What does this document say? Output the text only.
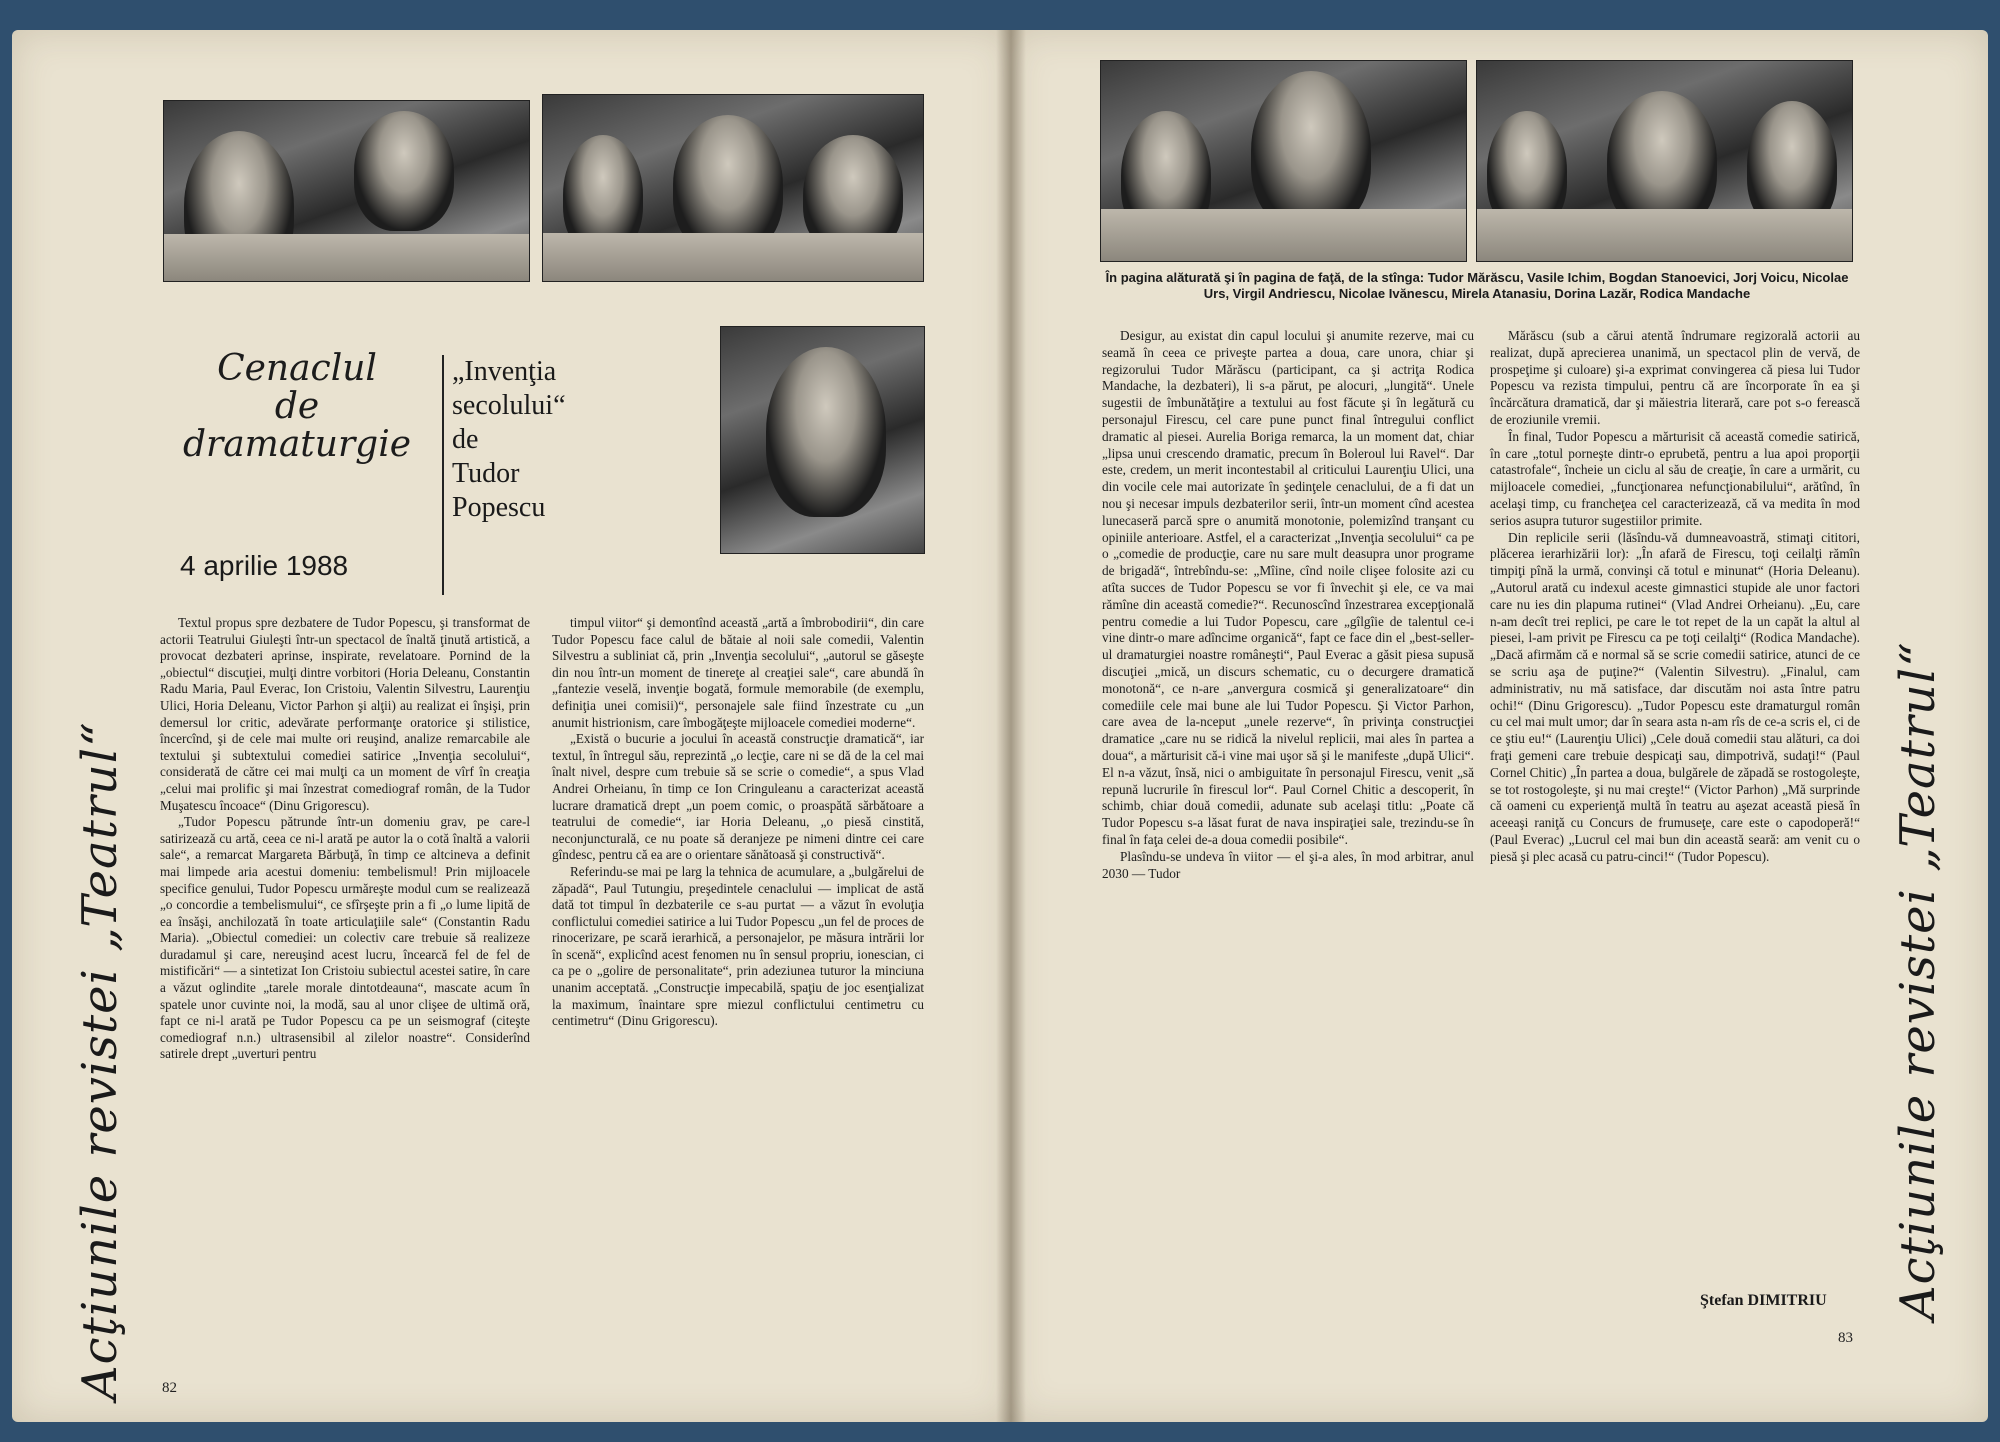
Cenaclul
de
dramaturgie
4 aprilie 1988
„Invenţia
secolului“
de
Tudor
Popescu

Textul propus spre dezbatere de Tudor Popescu, şi transformat de actorii Teatrului Giuleşti într-un spectacol de înaltă ţinută artistică, a provocat dezbateri aprinse, inspirate, revelatoare. Pornind de la „obiectul“ discuţiei, mulţi dintre vorbitori (Horia Deleanu, Constantin Radu Maria, Paul Everac, Ion Cristoiu, Valentin Silvestru, Laurenţiu Ulici, Horia Deleanu, Victor Parhon şi alţii) au realizat ei înşişi, prin demersul lor critic, adevărate performanţe oratorice şi stilistice, încercînd, şi de cele mai multe ori reuşind, analize remarcabile ale textului şi subtextului comediei satirice „Invenţia secolului“, considerată de către cei mai mulţi ca un moment de vîrf în creaţia „celui mai prolific şi mai înzestrat comediograf român, de la Tudor Muşatescu încoace“ (Dinu Grigorescu).

„Tudor Popescu pătrunde într-un domeniu grav, pe care-l satirizează cu artă, ceea ce ni-l arată pe autor la o cotă înaltă a valorii sale“, a remarcat Margareta Bărbuţă, în timp ce altcineva a definit mai limpede aria acestui domeniu: tembelismul! Prin mijloacele specifice genului, Tudor Popescu urmăreşte modul cum se realizează „o concordie a tembelismului“, ce sfîrşeşte prin a fi „o lume lipită de ea însăşi, anchilozată în toate articulaţiile sale“ (Constantin Radu Maria). „Obiectul comediei: un colectiv care trebuie să realizeze duradamul şi care, nereuşind acest lucru, încearcă fel de fel de mistificări“ — a sintetizat Ion Cristoiu subiectul acestei satire, în care a văzut oglindite „tarele morale dintotdeauna“, mascate acum în spatele unor cuvinte noi, la modă, sau al unor clişee de ultimă oră, fapt ce ni-l arată pe Tudor Popescu ca pe un seismograf (citeşte comediograf n.n.) ultrasensibil al zilelor noastre“. Considerînd satirele drept „uverturi pentru

timpul viitor“ şi demontînd această „artă a îmbrobodirii“, din care Tudor Popescu face calul de bătaie al noii sale comedii, Valentin Silvestru a subliniat că, prin „Invenţia secolului“, „autorul se găseşte din nou într-un moment de tinereţe al creaţiei sale“, care abundă în „fantezie veselă, invenţie bogată, formule memorabile (de exemplu, definiţia unei comisii)“, personajele sale fiind înzestrate cu „un anumit histrionism, care îmbogăţeşte mijloacele comediei moderne“.

„Există o bucurie a jocului în această construcţie dramatică“, iar textul, în întregul său, reprezintă „o lecţie, care ni se dă de la cel mai înalt nivel, despre cum trebuie să se scrie o comedie“, a spus Vlad Andrei Orheianu, în timp ce Ion Cringuleanu a caracterizat această lucrare dramatică drept „un poem comic, o proaspătă sărbătoare a teatrului de comedie“, iar Horia Deleanu, „o piesă cinstită, neconjuncturală, ce nu poate să deranjeze pe nimeni dintre cei care gîndesc, pentru că ea are o orientare sănătoasă şi constructivă“.

Referindu-se mai pe larg la tehnica de acumulare, a „bulgărelui de zăpadă“, Paul Tutungiu, preşedintele cenaclului — implicat de astă dată tot timpul în dezbaterile ce s-au purtat — a văzut în evoluţia conflictului comediei satirice a lui Tudor Popescu „un fel de proces de rinocerizare, pe scară ierarhică, a personajelor, pe măsura intrării lor în scenă“, explicînd acest fenomen nu în sensul propriu, ionescian, ci ca pe o „golire de personalitate“, prin adeziunea tuturor la minciuna unanim acceptată. „Construcţie impecabilă, spaţiu de joc esenţializat la maximum, înaintare spre miezul conflictului centimetru cu centimetru“ (Dinu Grigorescu).

Acţiunile revistei „Teatrul“ 82
În pagina alăturată şi în pagina de faţă, de la stînga: Tudor Mărăscu, Vasile Ichim, Bogdan Stanoevici, Jorj Voicu, Nicolae Urs, Virgil Andriescu, Nicolae Ivănescu, Mirela Atanasiu, Dorina Lazăr, Rodica Mandache

Desigur, au existat din capul locului şi anumite rezerve, mai cu seamă în ceea ce priveşte partea a doua, care unora, chiar şi regizorului Tudor Mărăscu (participant, ca şi actriţa Rodica Mandache, la dezbateri), li s-a părut, pe alocuri, „lungită“. Unele sugestii de îmbunătăţire a textului au fost făcute şi în legătură cu personajul Firescu, cel care pune punct final întregului conflict dramatic al piesei. Aurelia Boriga remarca, la un moment dat, chiar „lipsa unui crescendo dramatic, precum în Boleroul lui Ravel“. Dar este, credem, un merit incontestabil al criticului Laurenţiu Ulici, una din vocile cele mai autorizate în şedinţele cenaclului, de a fi dat un nou şi necesar impuls dezbaterilor serii, într-un moment cînd acestea lunecaseră parcă spre o anumită monotonie, polemizînd tranşant cu opiniile anterioare. Astfel, el a caracterizat „Invenţia secolului“ ca pe o „comedie de producţie, care nu sare mult deasupra unor programe de brigadă“, întrebîndu-se: „Mîine, cînd noile clişee folosite azi cu atîta succes de Tudor Popescu se vor fi învechit şi ele, ce va mai rămîne din această comedie?“. Recunoscînd înzestrarea excepţională pentru comedie a lui Tudor Popescu, care „gîlgîie de talentul ce-i vine dintr-o mare adîncime organică“, fapt ce face din el „best-seller-ul dramaturgiei noastre româneşti“, Paul Everac a găsit piesa supusă discuţiei „mică, un discurs schematic, cu o decurgere dramatică monotonă“, ce n-are „anvergura cosmică şi generalizatoare“ din comediile cele mai bune ale lui Tudor Popescu. Şi Victor Parhon, care avea de la-nceput „unele rezerve“, în privinţa construcţiei dramatice „care nu se ridică la nivelul replicii, mai ales în partea a doua“, a mărturisit că-i vine mai uşor să şi le manifeste „după Ulici“. El n-a văzut, însă, nici o ambiguitate în personajul Firescu, venit „să repună lucrurile în firescul lor“. Paul Cornel Chitic a descoperit, în schimb, chiar două comedii, adunate sub acelaşi titlu: „Poate că Tudor Popescu s-a lăsat furat de nava inspiraţiei sale, trezindu-se în final în faţa celei de-a doua comedii posibile“.

Plasîndu-se undeva în viitor — el şi-a ales, în mod arbitrar, anul 2030 — Tudor

Mărăscu (sub a cărui atentă îndrumare regizorală actorii au realizat, după aprecierea unanimă, un spectacol plin de vervă, de prospeţime şi culoare) şi-a exprimat convingerea că piesa lui Tudor Popescu va rezista timpului, pentru că are încorporate în ea şi încărcătura dramatică, dar şi măiestria literară, care pot s-o ferească de eroziunile vremii.

În final, Tudor Popescu a mărturisit că această comedie satirică, în care „totul porneşte dintr-o eprubetă, pentru a lua apoi proporţii catastrofale“, încheie un ciclu al său de creaţie, în care a urmărit, cu mijloacele comediei, „funcţionarea nefuncţionabilului“, arătînd, în acelaşi timp, cu francheţea cel caracterizează, că va medita în mod serios asupra tuturor sugestiilor primite.

Din replicile serii (lăsîndu-vă dumneavoastră, stimaţi cititori, plăcerea ierarhizării lor): „În afară de Firescu, toţi ceilalţi rămîn timpiţi pînă la urmă, convinşi că totul e minunat“ (Horia Deleanu). „Autorul arată cu indexul aceste gimnastici stupide ale unor factori care nu ies din plapuma rutinei“ (Vlad Andrei Orheianu). „Eu, care n-am decît trei replici, pe care le tot repet de la un capăt la altul al piesei, l-am privit pe Firescu ca pe toţi ceilalţi“ (Rodica Mandache). „Dacă afirmăm că e normal să se scrie comedii satirice, atunci de ce se scriu aşa de puţine?“ (Valentin Silvestru). „Finalul, cam administrativ, nu mă satisface, dar discutăm noi asta între patru ochi!“ (Dinu Grigorescu). „Tudor Popescu este dramaturgul român cu cel mai mult umor; dar în seara asta n-am rîs de ce-a scris el, ci de ce ştiu eu!“ (Laurenţiu Ulici) „Cele două comedii stau alături, ca doi fraţi gemeni care trebuie despicaţi sau, dimpotrivă, sudaţi!“ (Paul Cornel Chitic) „În partea a doua, bulgărele de zăpadă se rostogoleşte, se tot rostogoleşte, şi nu mai creşte!“ (Victor Parhon) „Mă surprinde că oameni cu experienţă multă în teatru au aşezat această piesă în aceeaşi raniţă cu Concurs de frumuseţe, care este o capodoperă!“ (Paul Everac) „Lucrul cel mai bun din această seară: am venit cu o piesă şi plec acasă cu patru-cinci!“ (Tudor Popescu).

Ştefan DIMITRIU
83
Acţiunile revistei „Teatrul“
